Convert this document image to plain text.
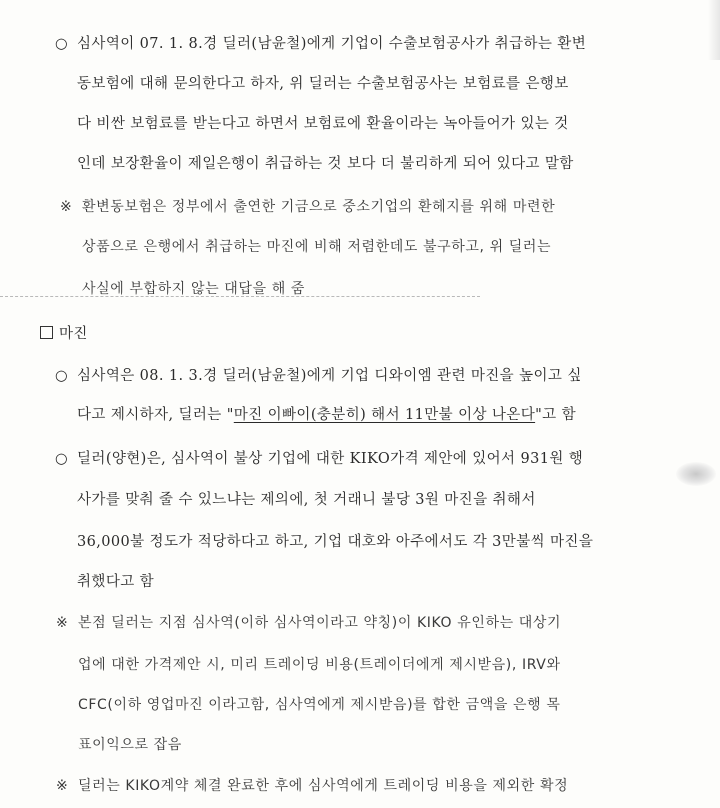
○ 심사역이 07. 1. 8.경 딜러(남윤철)에게 기업이 수출보험공사가 취급하는 환변
동보험에 대해 문의한다고 하자, 위 딜러는 수출보험공사는 보험료를 은행보
다 비싼 보험료를 받는다고 하면서 보험료에 환율이라는 녹아들어가 있는 것
인데 보장환율이 제일은행이 취급하는 것 보다 더 불리하게 되어 있다고 말함
※ 환변동보험은 정부에서 출연한 기금으로 중소기업의 환헤지를 위해 마련한
상품으로 은행에서 취급하는 마진에 비해 저렴한데도 불구하고, 위 딜러는
사실에 부합하지 않는 대답을 해 줌
마진
○ 심사역은 08. 1. 3.경 딜러(남윤철)에게 기업 디와이엠 관련 마진을 높이고 싶
다고 제시하자, 딜러는 "마진 이빠이(충분히) 해서 11만불 이상 나온다"고 함
○ 딜러(양현)은, 심사역이 불상 기업에 대한 KIKO가격 제안에 있어서 931원 행
사가를 맞춰 줄 수 있느냐는 제의에, 첫 거래니 불당 3원 마진을 취해서
36,000불 정도가 적당하다고 하고, 기업 대호와 아주에서도 각 3만불씩 마진을
취했다고 함
※ 본점 딜러는 지점 심사역(이하 심사역이라고 약칭)이 KIKO 유인하는 대상기
업에 대한 가격제안 시, 미리 트레이딩 비용(트레이더에게 제시받음), IRV와
CFC(이하 영업마진 이라고함, 심사역에게 제시받음)를 합한 금액을 은행 목
표이익으로 잡음
※ 딜러는 KIKO계약 체결 완료한 후에 심사역에게 트레이딩 비용을 제외한 확정
